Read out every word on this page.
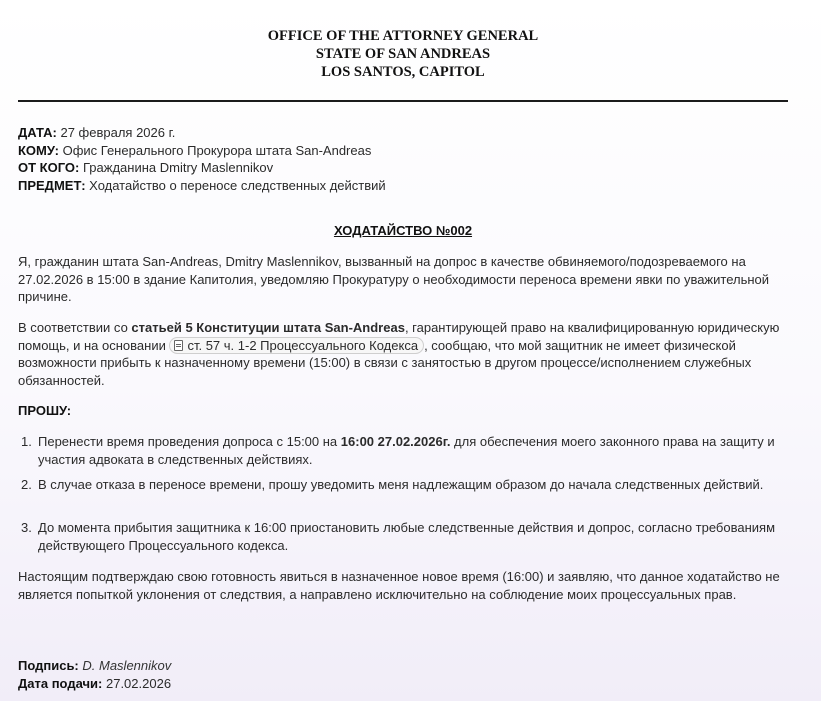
OFFICE OF THE ATTORNEY GENERAL
STATE OF SAN ANDREAS
LOS SANTOS, CAPITOL
ДАТА: 27 февраля 2026 г.
КОМУ: Офис Генерального Прокурора штата San-Andreas
ОТ КОГО: Гражданина Dmitry Maslennikov
ПРЕДМЕТ: Ходатайство о переносе следственных действий
ХОДАТАЙСТВО №002
Я, гражданин штата San-Andreas, Dmitry Maslennikov, вызванный на допрос в качестве обвиняемого/подозреваемого на 27.02.2026 в 15:00 в здание Капитолия, уведомляю Прокуратуру о необходимости переноса времени явки по уважительной причине.
В соответствии со статьей 5 Конституции штата San-Andreas, гарантирующей право на квалифицированную юридическую помощь, и на основании ст. 57 ч. 1-2 Процессуального Кодекса , сообщаю, что мой защитник не имеет физической возможности прибыть к назначенному времени (15:00) в связи с занятостью в другом процессе/исполнением служебных обязанностей.
ПРОШУ:
1. Перенести время проведения допроса с 15:00 на 16:00 27.02.2026г. для обеспечения моего законного права на защиту и участия адвоката в следственных действиях.
2. В случае отказа в переносе времени, прошу уведомить меня надлежащим образом до начала следственных действий.
3. До момента прибытия защитника к 16:00 приостановить любые следственные действия и допрос, согласно требованиям действующего Процессуального кодекса.
Настоящим подтверждаю свою готовность явиться в назначенное новое время (16:00) и заявляю, что данное ходатайство не является попыткой уклонения от следствия, а направлено исключительно на соблюдение моих процессуальных прав.
Подпись: D. Maslennikov
Дата подачи: 27.02.2026
